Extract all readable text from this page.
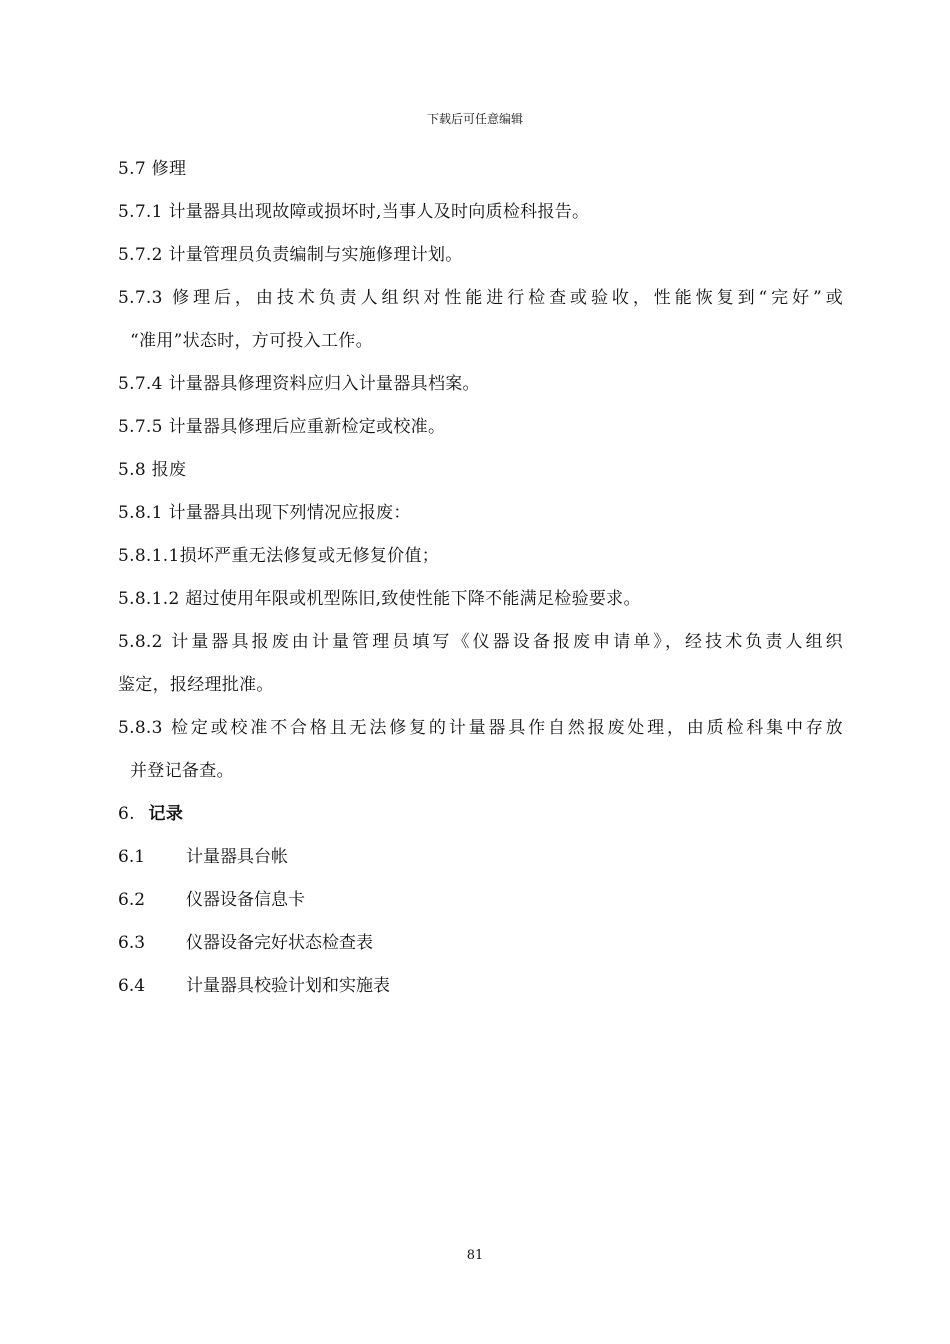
下载后可任意编辑
5.7 修理
5.7.1 计量器具出现故障或损坏时,当事人及时向质检科报告。
5.7.2 计量管理员负责编制与实施修理计划。
5.7.3 修理后，由技术负责人组织对性能进行检查或验收，性能恢复到“完好”或
“准用”状态时，方可投入工作。
5.7.4 计量器具修理资料应归入计量器具档案。
5.7.5 计量器具修理后应重新检定或校准。
5.8 报废
5.8.1 计量器具出现下列情况应报废：
5.8.1.1损坏严重无法修复或无修复价值；
5.8.1.2 超过使用年限或机型陈旧,致使性能下降不能满足检验要求。
5.8.2 计量器具报废由计量管理员填写《仪器设备报废申请单》，经技术负责人组织
鉴定，报经理批准。
5.8.3 检定或校准不合格且无法修复的计量器具作自然报废处理，由质检科集中存放
并登记备查。
6. 记录
6.1	计量器具台帐
6.2	仪器设备信息卡
6.3	仪器设备完好状态检查表
6.4	计量器具校验计划和实施表
81
